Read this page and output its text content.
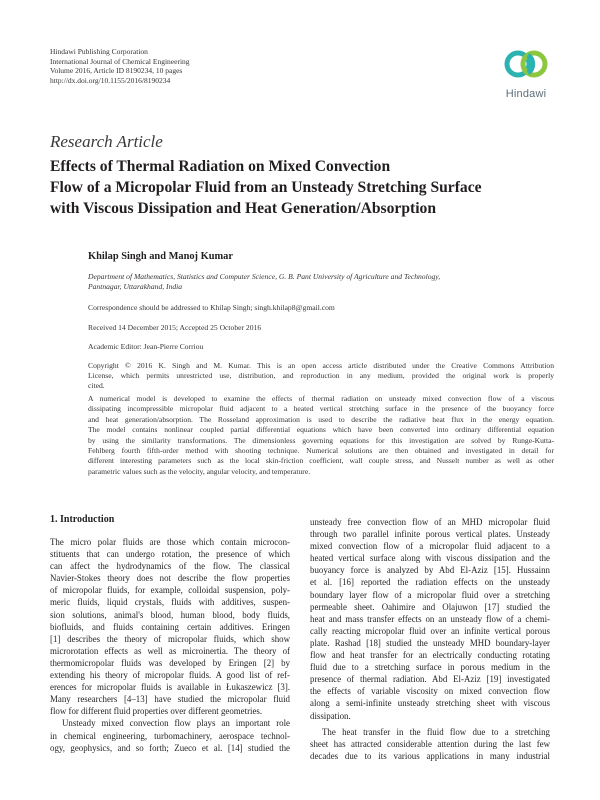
Hindawi Publishing Corporation
International Journal of Chemical Engineering
Volume 2016, Article ID 8190234, 10 pages
http://dx.doi.org/10.1155/2016/8190234
Hindawi
Research Article
Effects of Thermal Radiation on Mixed Convection
Flow of a Micropolar Fluid from an Unsteady Stretching Surface
with Viscous Dissipation and Heat Generation/Absorption
Khilap Singh and Manoj Kumar
Department of Mathematics, Statistics and Computer Science, G. B. Pant University of Agriculture and Technology,
Pantnagar, Uttarakhand, India
Correspondence should be addressed to Khilap Singh; singh.khilap8@gmail.com
Received 14 December 2015; Accepted 25 October 2016
Academic Editor: Jean-Pierre Corriou
Copyright © 2016 K. Singh and M. Kumar. This is an open access article distributed under the Creative Commons Attribution
License, which permits unrestricted use, distribution, and reproduction in any medium, provided the original work is properly
cited.
A numerical model is developed to examine the effects of thermal radiation on unsteady mixed convection flow of a viscous
dissipating incompressible micropolar fluid adjacent to a heated vertical stretching surface in the presence of the buoyancy force
and heat generation/absorption. The Rosseland approximation is used to describe the radiative heat flux in the energy equation.
The model contains nonlinear coupled partial differential equations which have been converted into ordinary differential equation
by using the similarity transformations. The dimensionless governing equations for this investigation are solved by Runge-Kutta-
Fehlberg fourth fifth-order method with shooting technique. Numerical solutions are then obtained and investigated in detail for
different interesting parameters such as the local skin-friction coefficient, wall couple stress, and Nusselt number as well as other
parametric values such as the velocity, angular velocity, and temperature.
1. Introduction
The micro polar fluids are those which contain microcon-
stituents that can undergo rotation, the presence of which
can affect the hydrodynamics of the flow. The classical
Navier-Stokes theory does not describe the flow properties
of micropolar fluids, for example, colloidal suspension, poly-
meric fluids, liquid crystals, fluids with additives, suspen-
sion solutions, animal's blood, human blood, body fluids,
biofluids, and fluids containing certain additives. Eringen
[1] describes the theory of micropolar fluids, which show
microrotation effects as well as microinertia. The theory of
thermomicropolar fluids was developed by Eringen [2] by
extending his theory of micropolar fluids. A good list of ref-
erences for micropolar fluids is available in Łukaszewicz [3].
Many researchers [4–13] have studied the micropolar fluid
flow for different fluid properties over different geometries.
Unsteady mixed convection flow plays an important role
in chemical engineering, turbomachinery, aerospace technol-
ogy, geophysics, and so forth; Zueco et al. [14] studied the
unsteady free convection flow of an MHD micropolar fluid
through two parallel infinite porous vertical plates. Unsteady
mixed convection flow of a micropolar fluid adjacent to a
heated vertical surface along with viscous dissipation and the
buoyancy force is analyzed by Abd El-Aziz [15]. Hussainn
et al. [16] reported the radiation effects on the unsteady
boundary layer flow of a micropolar fluid over a stretching
permeable sheet. Oahimire and Olajuwon [17] studied the
heat and mass transfer effects on an unsteady flow of a chemi-
cally reacting micropolar fluid over an infinite vertical porous
plate. Rashad [18] studied the unsteady MHD boundary-layer
flow and heat transfer for an electrically conducting rotating
fluid due to a stretching surface in porous medium in the
presence of thermal radiation. Abd El-Aziz [19] investigated
the effects of variable viscosity on mixed convection flow
along a semi-infinite unsteady stretching sheet with viscous
dissipation.
The heat transfer in the fluid flow due to a stretching
sheet has attracted considerable attention during the last few
decades due to its various applications in many industrial
